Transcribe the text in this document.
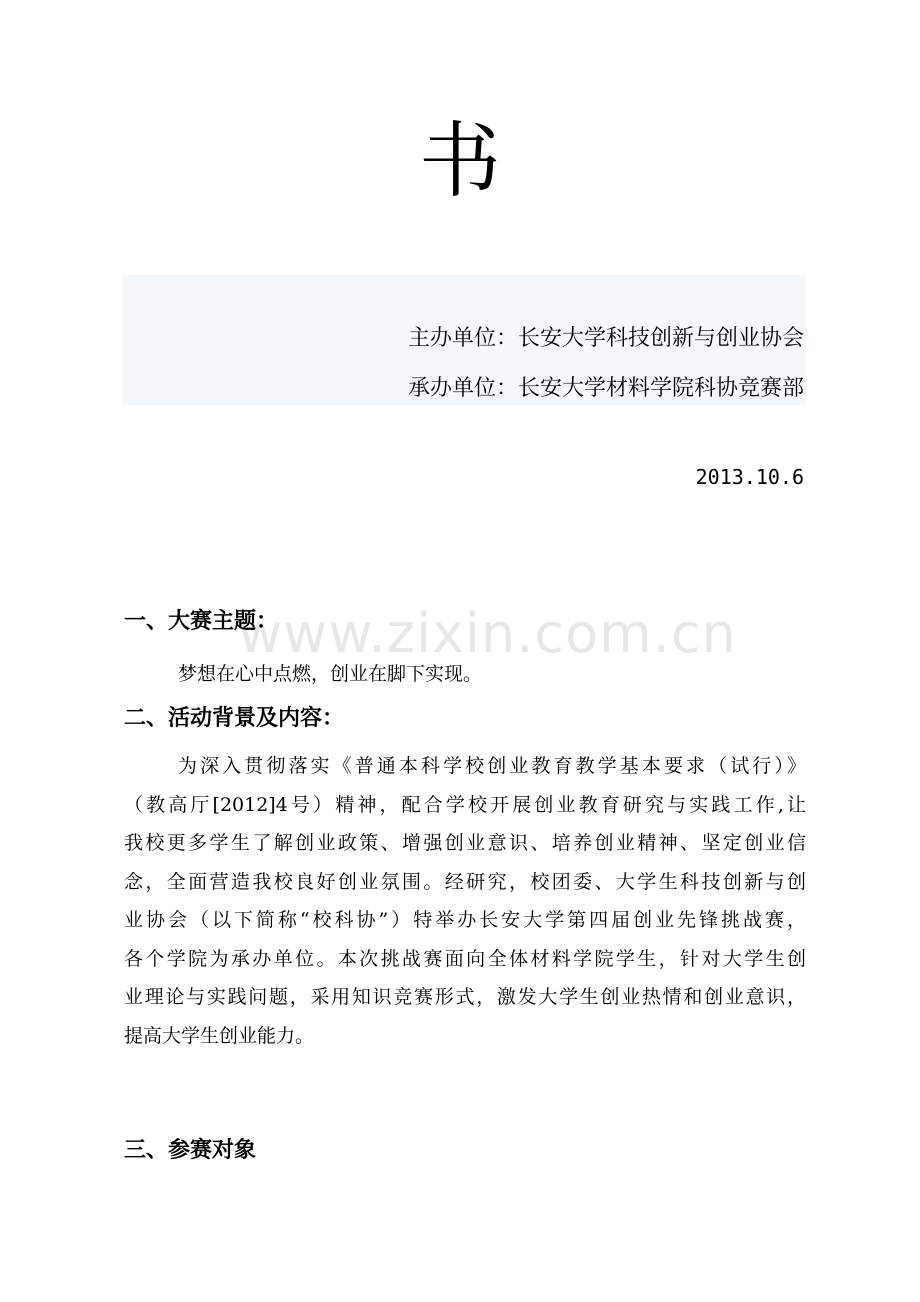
书
主办单位：长安大学科技创新与创业协会
承办单位：长安大学材料学院科协竞赛部
2013.10.6
www.zixin.com.cn
一、大赛主题：
梦想在心中点燃，创业在脚下实现。
二、活动背景及内容：
为深入贯彻落实《普通本科学校创业教育教学基本要求（试行）》
（教高厅[2012]4号）精神，配合学校开展创业教育研究与实践工作,让
我校更多学生了解创业政策、增强创业意识、培养创业精神、坚定创业信
念，全面营造我校良好创业氛围。经研究，校团委、大学生科技创新与创
业协会（以下简称“校科协”）特举办长安大学第四届创业先锋挑战赛，
各个学院为承办单位。本次挑战赛面向全体材料学院学生，针对大学生创
业理论与实践问题，采用知识竞赛形式，激发大学生创业热情和创业意识，
提高大学生创业能力。
三、参赛对象
